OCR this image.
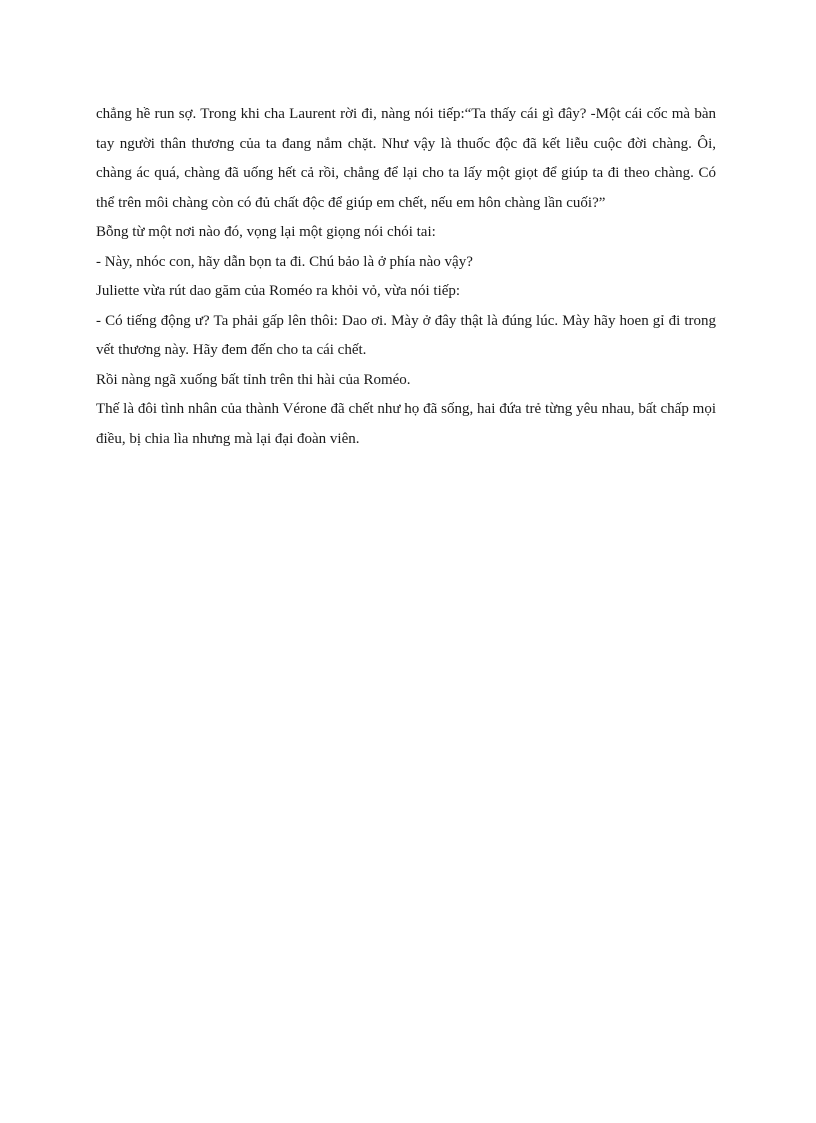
chẳng hề run sợ. Trong khi cha Laurent rời đi, nàng nói tiếp:“Ta thấy cái gì đây? -Một cái cốc mà bàn tay người thân thương của ta đang nắm chặt. Như vậy là thuốc độc đã kết liễu cuộc đời chàng. Ôi, chàng ác quá, chàng đã uống hết cả rồi, chẳng để lại cho ta lấy một giọt để giúp ta đi theo chàng. Có thể trên môi chàng còn có đủ chất độc để giúp em chết, nếu em hôn chàng lần cuối?”

Bỗng từ một nơi nào đó, vọng lại một giọng nói chói tai:

- Này, nhóc con, hãy dẫn bọn ta đi. Chú bảo là ở phía nào vậy?

Juliette vừa rút dao găm của Roméo ra khỏi vỏ, vừa nói tiếp:

- Có tiếng động ư? Ta phải gấp lên thôi: Dao ơi. Mày ở đây thật là đúng lúc. Mày hãy hoen gỉ đi trong vết thương này. Hãy đem đến cho ta cái chết.

Rồi nàng ngã xuống bất tỉnh trên thi hài của Roméo.

Thế là đôi tình nhân của thành Vérone đã chết như họ đã sống, hai đứa trẻ từng yêu nhau, bất chấp mọi điều, bị chia lìa nhưng mà lại đại đoàn viên.
